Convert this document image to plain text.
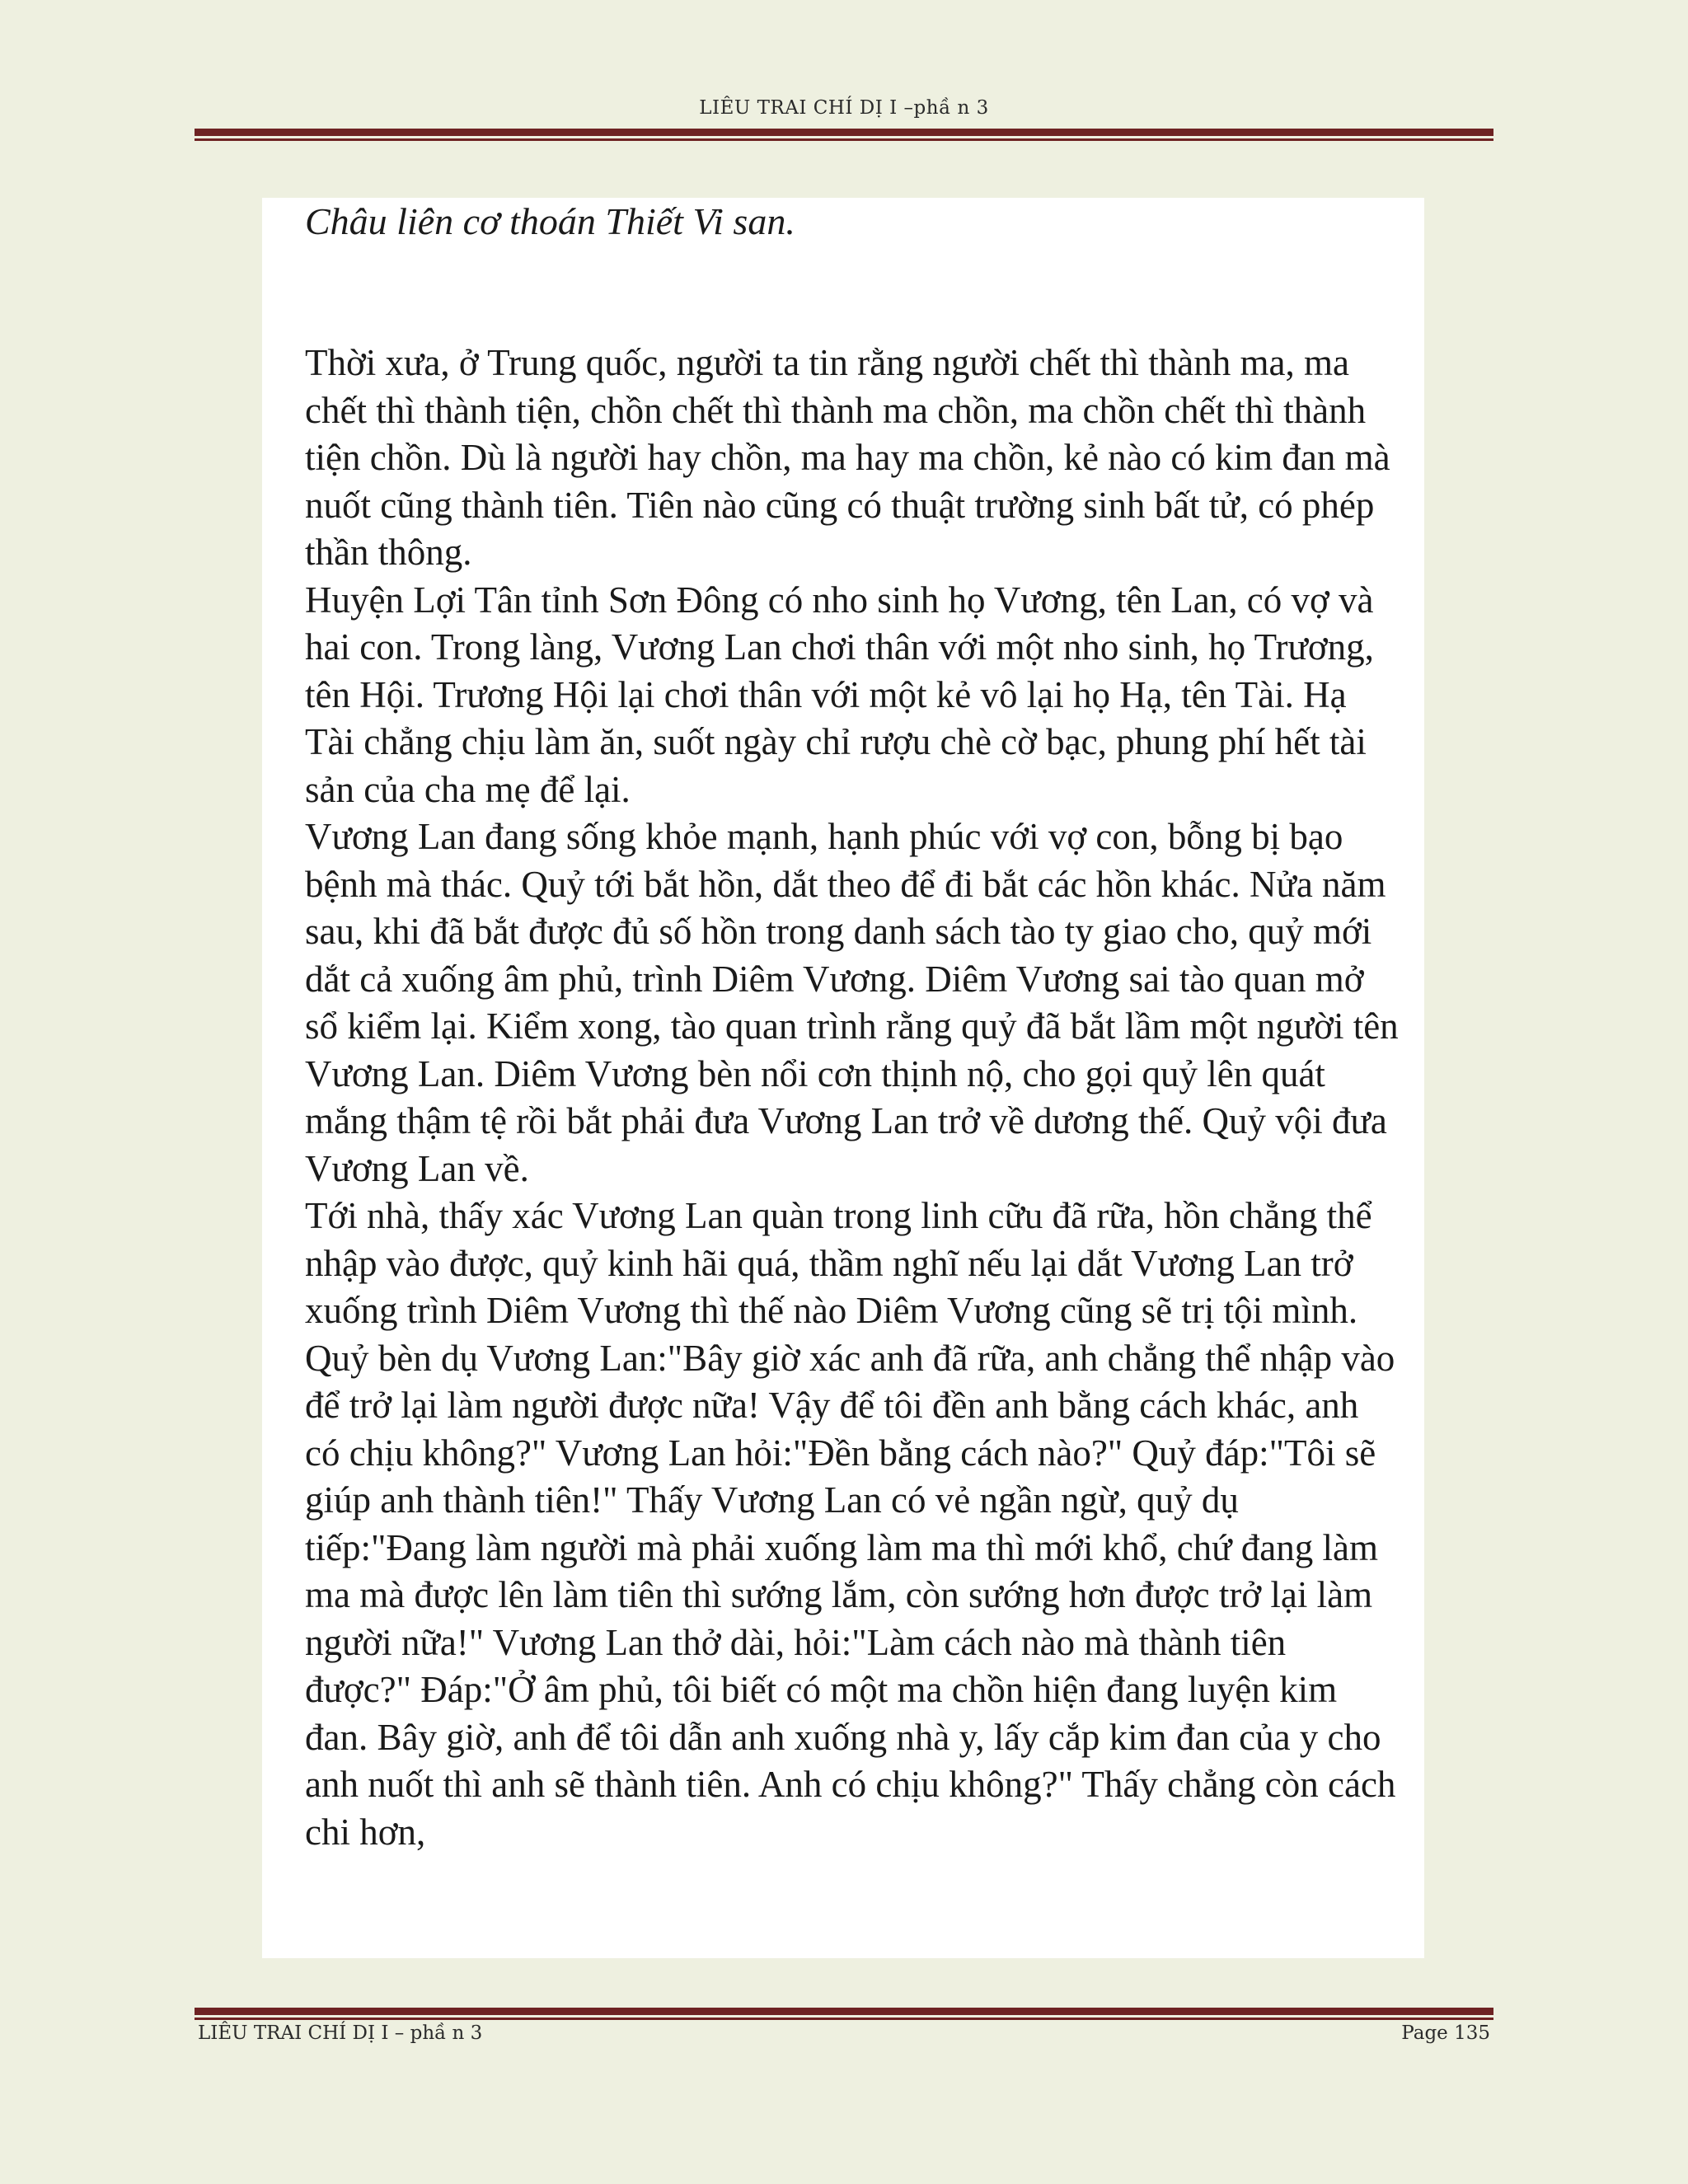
LIÊU TRAI CHÍ DỊ I –phầ n 3

Châu liên cơ thoán Thiết Vi san.

Thời xưa, ở Trung quốc, người ta tin rằng người chết thì thành ma, ma chết thì thành tiện, chồn chết thì thành ma chồn, ma chồn chết thì thành tiện chồn. Dù là người hay chồn, ma hay ma chồn, kẻ nào có kim đan mà nuốt cũng thành tiên. Tiên nào cũng có thuật trường sinh bất tử, có phép thần thông.

Huyện Lợi Tân tỉnh Sơn Đông có nho sinh họ Vương, tên Lan, có vợ và hai con. Trong làng, Vương Lan chơi thân với một nho sinh, họ Trương, tên Hội. Trương Hội lại chơi thân với một kẻ vô lại họ Hạ, tên Tài. Hạ Tài chẳng chịu làm ăn, suốt ngày chỉ rượu chè cờ bạc, phung phí hết tài sản của cha mẹ để lại.

Vương Lan đang sống khỏe mạnh, hạnh phúc với vợ con, bỗng bị bạo bệnh mà thác. Quỷ tới bắt hồn, dắt theo để đi bắt các hồn khác. Nửa năm sau, khi đã bắt được đủ số hồn trong danh sách tào ty giao cho, quỷ mới dắt cả xuống âm phủ, trình Diêm Vương. Diêm Vương sai tào quan mở sổ kiểm lại. Kiểm xong, tào quan trình rằng quỷ đã bắt lầm một người tên Vương Lan. Diêm Vương bèn nổi cơn thịnh nộ, cho gọi quỷ lên quát mắng thậm tệ rồi bắt phải đưa Vương Lan trở về dương thế. Quỷ vội đưa Vương Lan về.

Tới nhà, thấy xác Vương Lan quàn trong linh cữu đã rữa, hồn chẳng thể nhập vào được, quỷ kinh hãi quá, thầm nghĩ nếu lại dắt Vương Lan trở xuống trình Diêm Vương thì thế nào Diêm Vương cũng sẽ trị tội mình. Quỷ bèn dụ Vương Lan:"Bây giờ xác anh đã rữa, anh chẳng thể nhập vào để trở lại làm người được nữa! Vậy để tôi đền anh bằng cách khác, anh có chịu không?" Vương Lan hỏi:"Đền bằng cách nào?" Quỷ đáp:"Tôi sẽ giúp anh thành tiên!" Thấy Vương Lan có vẻ ngần ngừ, quỷ dụ tiếp:"Đang làm người mà phải xuống làm ma thì mới khổ, chứ đang làm ma mà được lên làm tiên thì sướng lắm, còn sướng hơn được trở lại làm người nữa!" Vương Lan thở dài, hỏi:"Làm cách nào mà thành tiên được?" Đáp:"Ở âm phủ, tôi biết có một ma chồn hiện đang luyện kim đan. Bây giờ, anh để tôi dẫn anh xuống nhà y, lấy cắp kim đan của y cho anh nuốt thì anh sẽ thành tiên. Anh có chịu không?" Thấy chẳng còn cách chi hơn,

LIÊU TRAI CHÍ DỊ I – phầ n 3	Page 135
